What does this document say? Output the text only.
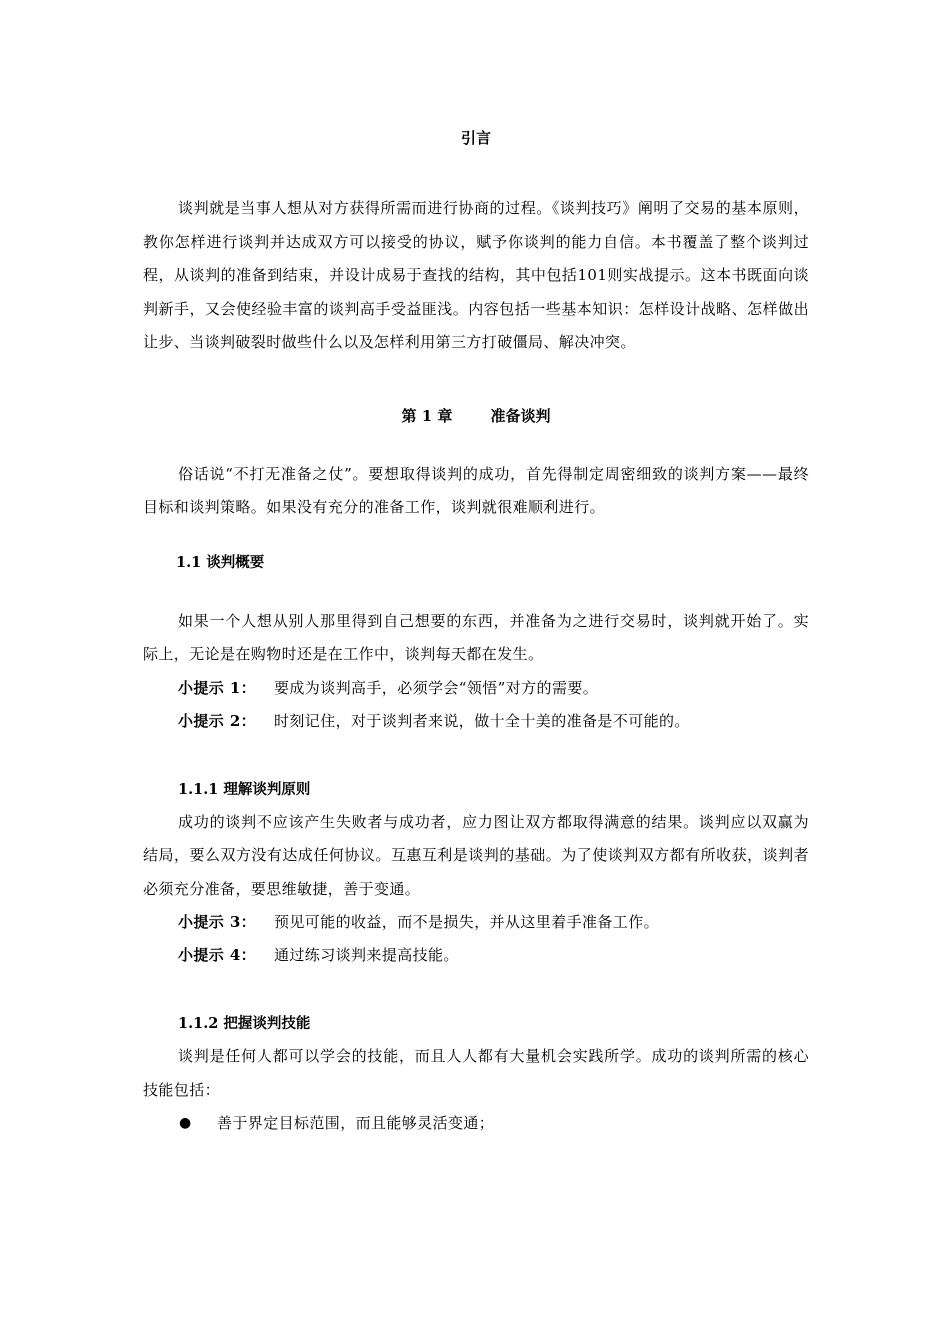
引言

谈判就是当事人想从对方获得所需而进行协商的过程。《谈判技巧》阐明了交易的基本原则，教你怎样进行谈判并达成双方可以接受的协议，赋予你谈判的能力自信。本书覆盖了整个谈判过程，从谈判的准备到结束，并设计成易于查找的结构，其中包括101则实战提示。这本书既面向谈判新手，又会使经验丰富的谈判高手受益匪浅。内容包括一些基本知识：怎样设计战略、怎样做出让步、当谈判破裂时做些什么以及怎样利用第三方打破僵局、解决冲突。

第 1 章	准备谈判

俗话说“不打无准备之仗”。要想取得谈判的成功，首先得制定周密细致的谈判方案——最终目标和谈判策略。如果没有充分的准备工作，谈判就很难顺利进行。

1.1 谈判概要

如果一个人想从别人那里得到自己想要的东西，并准备为之进行交易时，谈判就开始了。实际上，无论是在购物时还是在工作中，谈判每天都在发生。

小提示 1：	要成为谈判高手，必须学会“领悟”对方的需要。
小提示 2：	时刻记住，对于谈判者来说，做十全十美的准备是不可能的。
1.1.1 理解谈判原则

成功的谈判不应该产生失败者与成功者，应力图让双方都取得满意的结果。谈判应以双赢为结局，要么双方没有达成任何协议。互惠互利是谈判的基础。为了使谈判双方都有所收获，谈判者必须充分准备，要思维敏捷，善于变通。

小提示 3：	预见可能的收益，而不是损失，并从这里着手准备工作。
小提示 4：	通过练习谈判来提高技能。
1.1.2 把握谈判技能

谈判是任何人都可以学会的技能，而且人人都有大量机会实践所学。成功的谈判所需的核心技能包括：

●	善于界定目标范围，而且能够灵活变通；
